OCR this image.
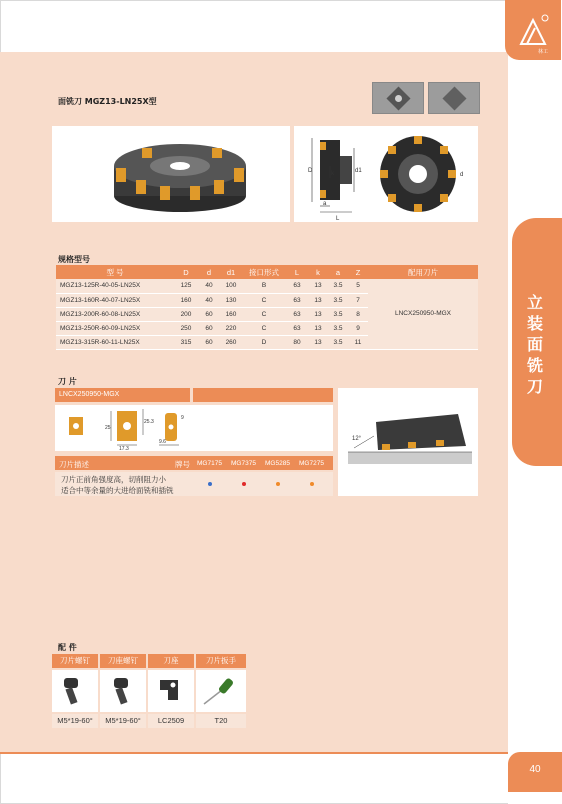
林工
立
装
面
铣
刀
面铣刀 MGZ13-LN25X型
D	k	d1
a
L
d
规格型号
型 号	D	d	d1	接口形式	L	k	a	Z	配用刀片
MGZ13-125R-40-05-LN25X	125	40	100	B	63	13	3.5	5	LNCX250950-MGX
MGZ13-160R-40-07-LN25X	160	40	130	C	63	13	3.5	7	
MGZ13-200R-60-08-LN25X	200	60	160	C	63	13	3.5	8	
MGZ13-250R-60-09-LN25X	250	60	220	C	63	13	3.5	9	
MGZ13-315R-60-11-LN25X	315	60	260	D	80	13	3.5	11	
刀 片
LNCX250950-MGX
25
17.3
25.3
9.6
9
12°
刀片描述	牌号 MG7175 MG7375 MG5285 MG7275
刀片正前角强度高，切削阻力小
适合中等余量的大进给面铣和插铣
配 件
刀片螺钉	刀座螺钉	刀座	刀片扳手
M5*19-60°	M5*19-60°	LC2509	T20
40
